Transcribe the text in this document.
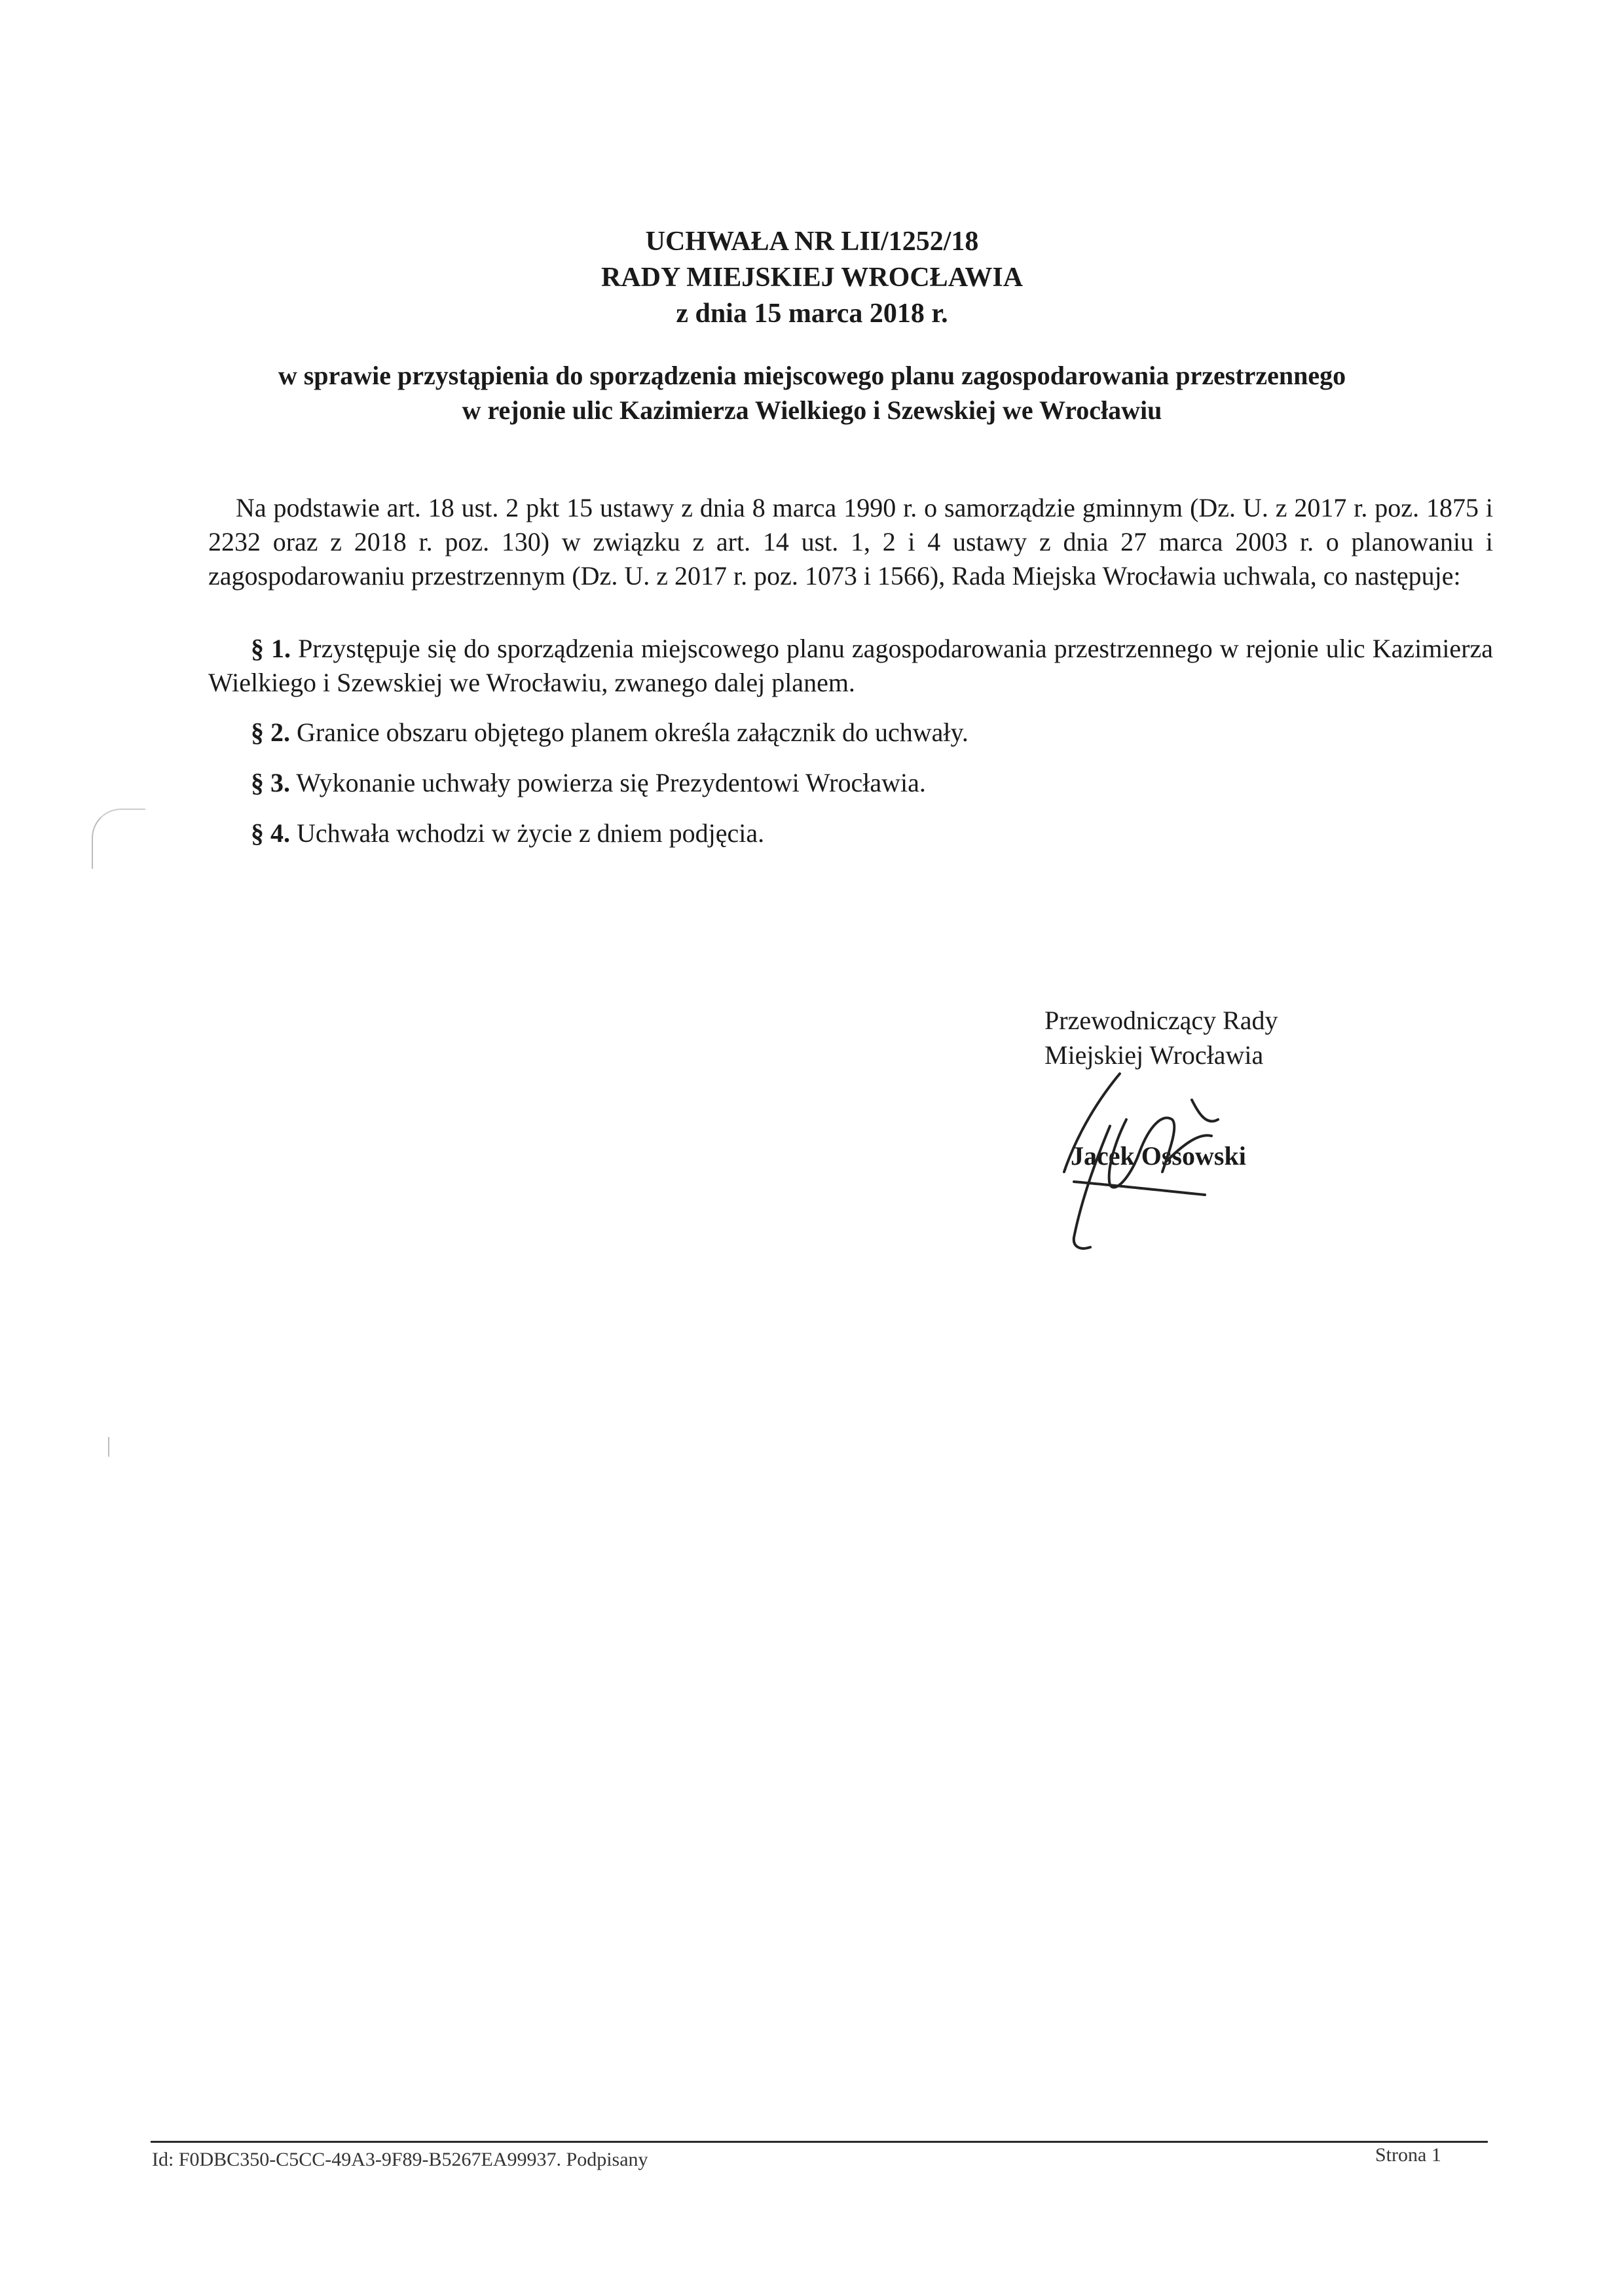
UCHWAŁA NR LII/1252/18
RADY MIEJSKIEJ WROCŁAWIA
z dnia 15 marca 2018 r.
w sprawie przystąpienia do sporządzenia miejscowego planu zagospodarowania przestrzennego
w rejonie ulic Kazimierza Wielkiego i Szewskiej we Wrocławiu
Na podstawie art. 18 ust. 2 pkt 15 ustawy z dnia 8 marca 1990 r. o samorządzie gminnym (Dz. U. z 2017 r. poz. 1875 i 2232 oraz z 2018 r. poz. 130) w związku z art. 14 ust. 1, 2 i 4 ustawy z dnia 27 marca 2003 r. o planowaniu i zagospodarowaniu przestrzennym (Dz. U. z 2017 r. poz. 1073 i 1566), Rada Miejska Wrocławia uchwala, co następuje:
§ 1. Przystępuje się do sporządzenia miejscowego planu zagospodarowania przestrzennego w rejonie ulic Kazimierza Wielkiego i Szewskiej we Wrocławiu, zwanego dalej planem.
§ 2. Granice obszaru objętego planem określa załącznik do uchwały.
§ 3. Wykonanie uchwały powierza się Prezydentowi Wrocławia.
§ 4. Uchwała wchodzi w życie z dniem podjęcia.
Przewodniczący Rady
Miejskiej Wrocławia
Jacek Ossowski
Id: F0DBC350-C5CC-49A3-9F89-B5267EA99937. Podpisany	Strona 1
